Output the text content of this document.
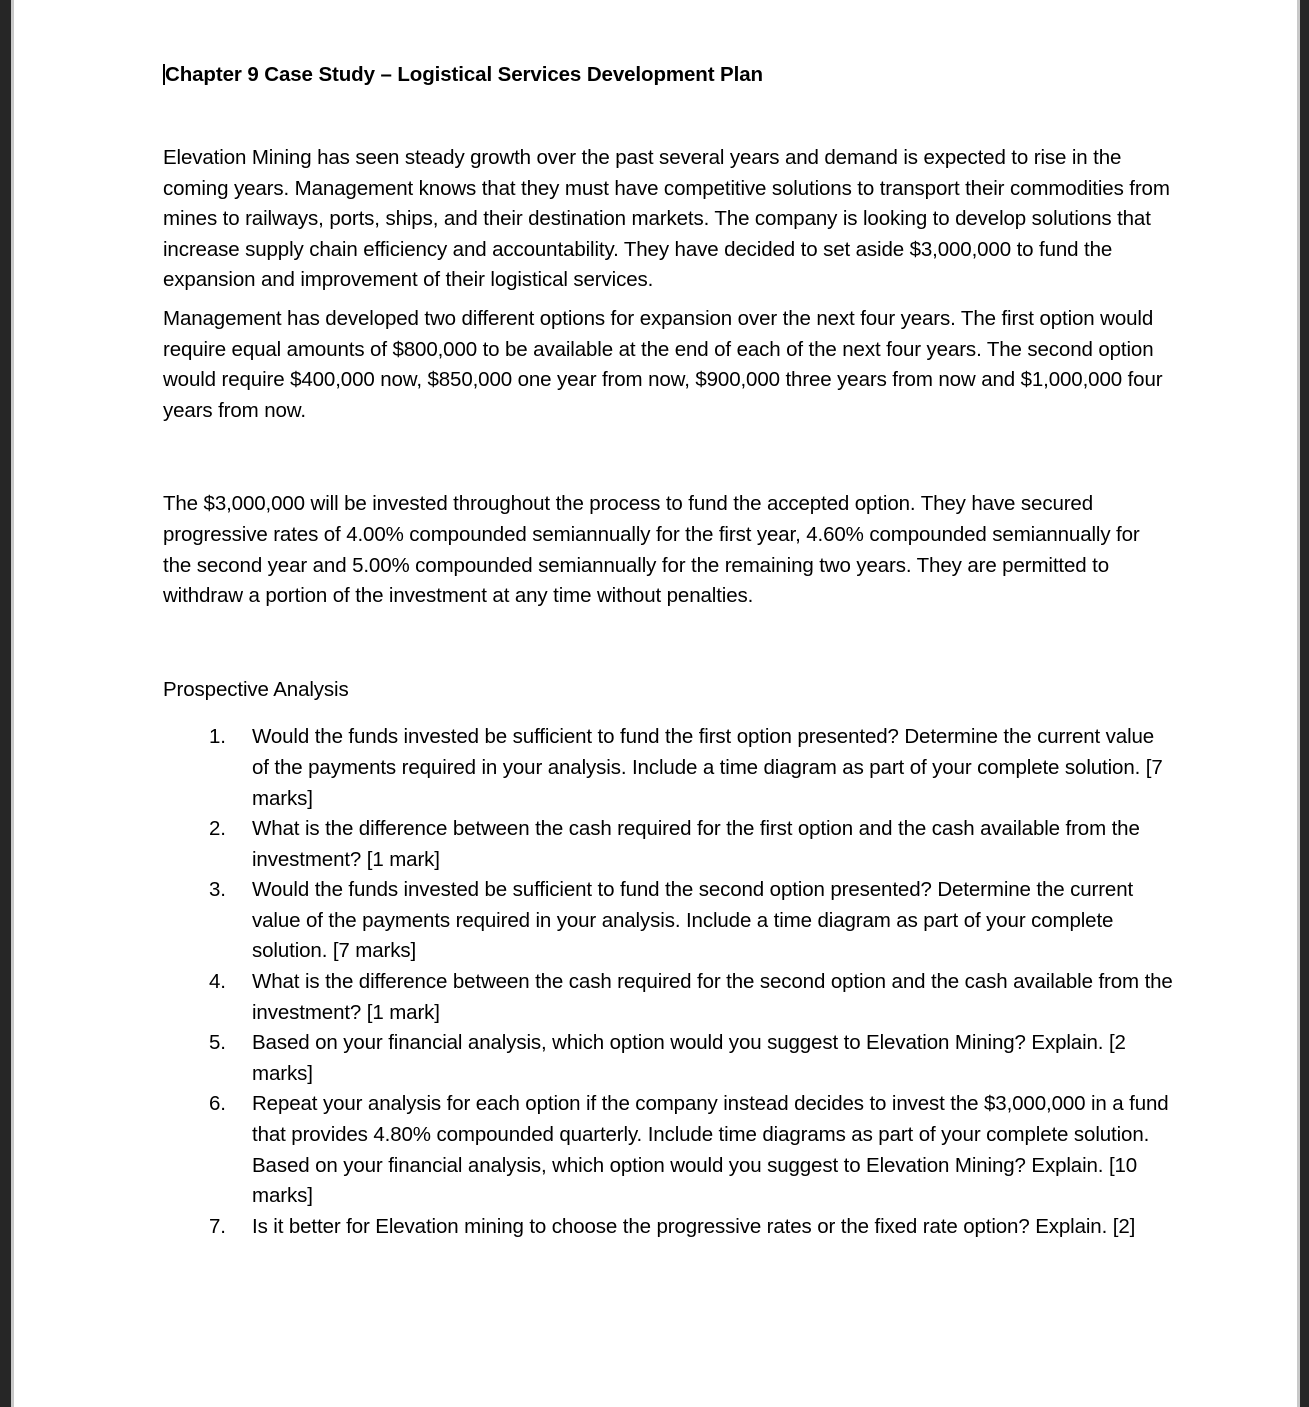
Chapter 9 Case Study – Logistical Services Development Plan

Elevation Mining has seen steady growth over the past several years and demand is expected to rise in the coming years. Management knows that they must have competitive solutions to transport their commodities from mines to railways, ports, ships, and their destination markets. The company is looking to develop solutions that increase supply chain efficiency and accountability. They have decided to set aside $3,000,000 to fund the expansion and improvement of their logistical services.

Management has developed two different options for expansion over the next four years. The first option would require equal amounts of $800,000 to be available at the end of each of the next four years. The second option would require $400,000 now, $850,000 one year from now, $900,000 three years from now and $1,000,000 four years from now.

The $3,000,000 will be invested throughout the process to fund the accepted option. They have secured progressive rates of 4.00% compounded semiannually for the first year, 4.60% compounded semiannually for the second year and 5.00% compounded semiannually for the remaining two years. They are permitted to withdraw a portion of the investment at any time without penalties.

Prospective Analysis

1.	Would the funds invested be sufficient to fund the first option presented? Determine the current value of the payments required in your analysis. Include a time diagram as part of your complete solution. [7 marks]
2.	What is the difference between the cash required for the first option and the cash available from the investment? [1 mark]
3.	Would the funds invested be sufficient to fund the second option presented? Determine the current value of the payments required in your analysis. Include a time diagram as part of your complete solution. [7 marks]
4.	What is the difference between the cash required for the second option and the cash available from the investment? [1 mark]
5.	Based on your financial analysis, which option would you suggest to Elevation Mining? Explain. [2 marks]
6.	Repeat your analysis for each option if the company instead decides to invest the $3,000,000 in a fund that provides 4.80% compounded quarterly. Include time diagrams as part of your complete solution. Based on your financial analysis, which option would you suggest to Elevation Mining? Explain. [10 marks]
7.	Is it better for Elevation mining to choose the progressive rates or the fixed rate option? Explain. [2]
